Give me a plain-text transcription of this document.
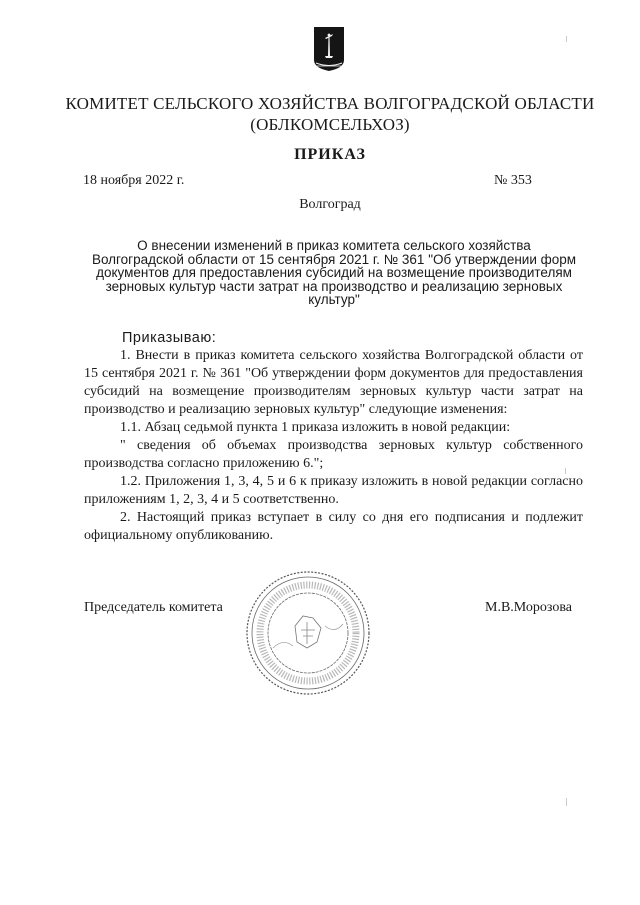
КОМИТЕТ СЕЛЬСКОГО ХОЗЯЙСТВА ВОЛГОГРАДСКОЙ ОБЛАСТИ
(ОБЛКОМСЕЛЬХОЗ)
ПРИКАЗ
18 ноября 2022 г.	№ 353
Волгоград
О внесении изменений в приказ комитета сельского хозяйства
Волгоградской области от 15 сентября 2021 г. № 361 "Об утверждении форм
документов для предоставления субсидий на возмещение производителям
зерновых культур части затрат на производство и реализацию зерновых
культур"

Приказываю:

1. Внести в приказ комитета сельского хозяйства Волгоградской области от 15 сентября 2021 г. № 361 "Об утверждении форм документов для предоставления субсидий на возмещение производителям зерновых культур части затрат на производство и реализацию зерновых культур" следующие изменения:

1.1. Абзац седьмой пункта 1 приказа изложить в новой редакции:

" сведения об объемах производства зерновых культур собственного производства согласно приложению 6.";

1.2. Приложения 1, 3, 4, 5 и 6 к приказу изложить в новой редакции согласно приложениям 1, 2, 3, 4 и 5 соответственно.

2. Настоящий приказ вступает в силу со дня его подписания и подлежит официальному опубликованию.

Председатель комитета	М.В.Морозова
